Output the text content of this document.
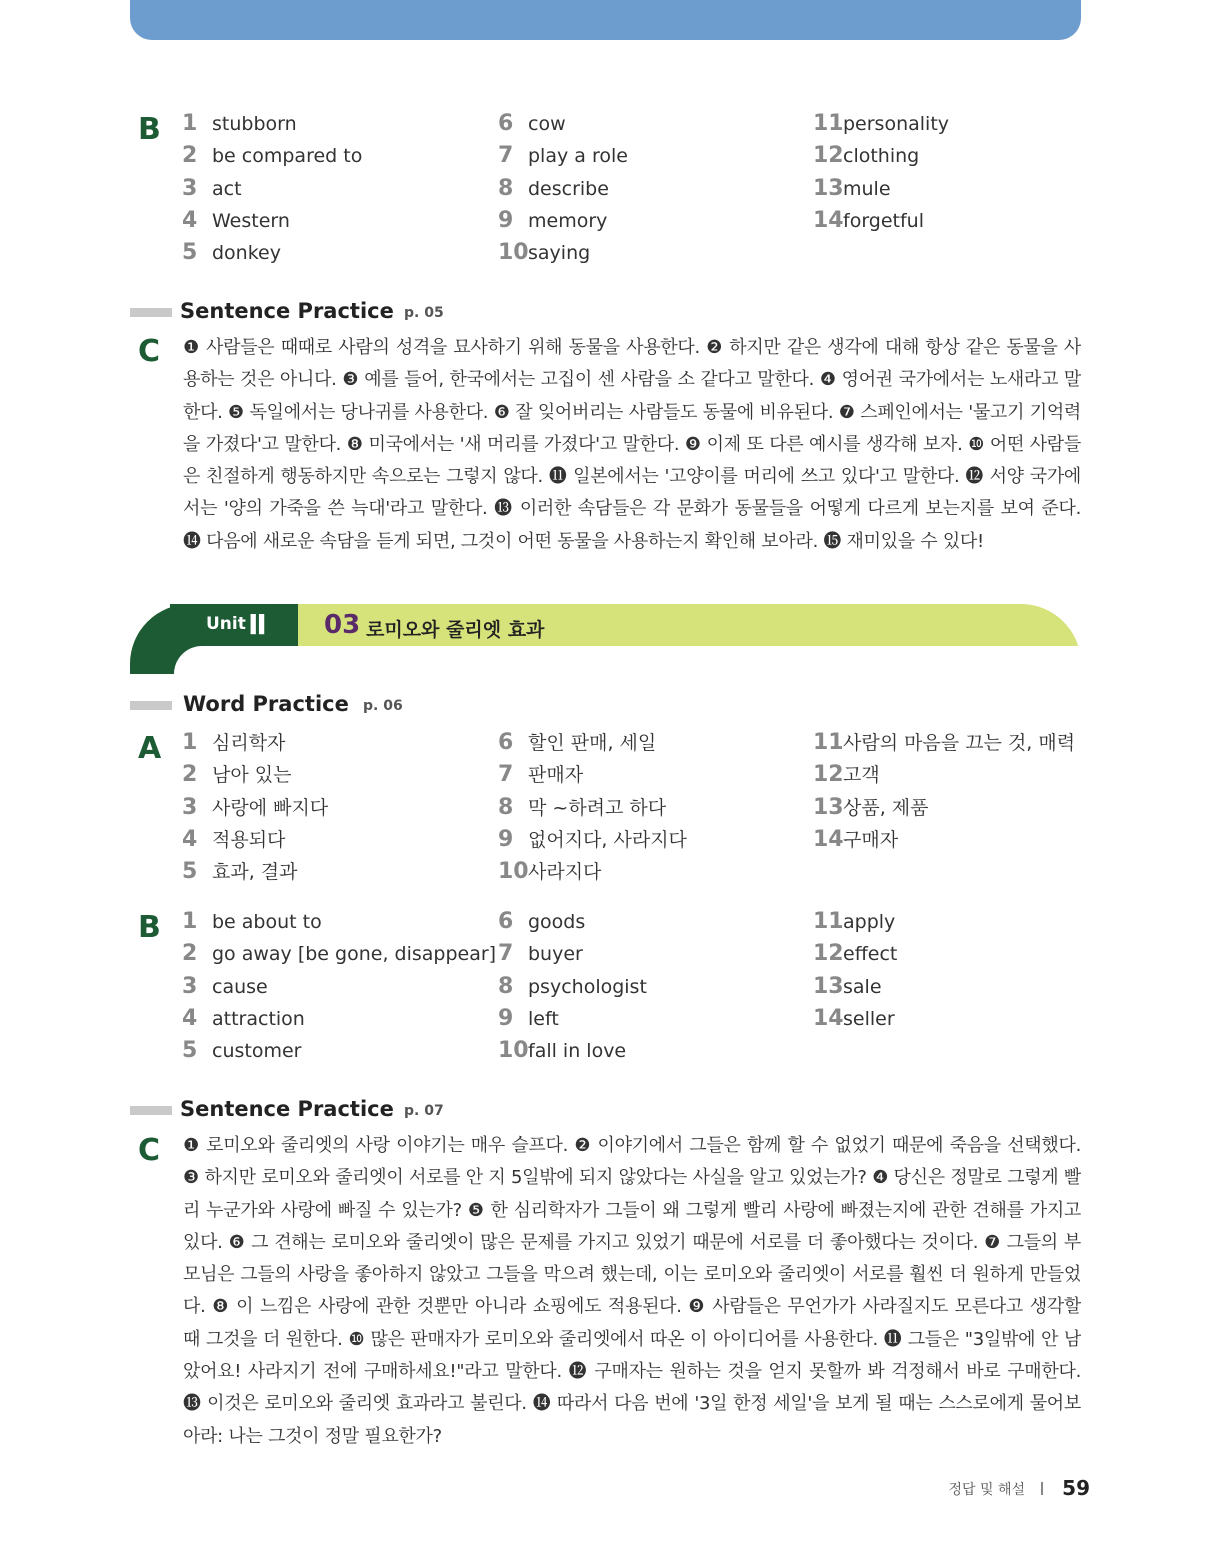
B 1 stubborn
2 be compared to
3 act
4 Western
5 donkey
6 cow
7 play a role
8 describe
9 memory
10saying
11personality
12clothing
13mule
14forgetful
Sentence Practice p. 05
C ❶ 사람들은 때때로 사람의 성격을 묘사하기 위해 동물을 사용한다. ❷ 하지만 같은 생각에 대해 항상 같은 동물을 사용하는 것은 아니다. ❸ 예를 들어, 한국에서는 고집이 센 사람을 소 같다고 말한다. ❹ 영어권 국가에서는 노새라고 말한다. ❺ 독일에서는 당나귀를 사용한다. ❻ 잘 잊어버리는 사람들도 동물에 비유된다. ❼ 스페인에서는 '물고기 기억력을 가졌다'고 말한다. ❽ 미국에서는 '새 머리를 가졌다'고 말한다. ❾ 이제 또 다른 예시를 생각해 보자. ❿ 어떤 사람들은 친절하게 행동하지만 속으로는 그렇지 않다. ⓫ 일본에서는 '고양이를 머리에 쓰고 있다'고 말한다. ⓬ 서양 국가에서는 '양의 가죽을 쓴 늑대'라고 말한다. ⓭ 이러한 속담들은 각 문화가 동물들을 어떻게 다르게 보는지를 보여 준다. ⓮ 다음에 새로운 속담을 듣게 되면, 그것이 어떤 동물을 사용하는지 확인해 보아라. ⓯ 재미있을 수 있다!
Unit II 03 로미오와 줄리엣 효과
Word Practice p. 06
A 1 심리학자
2 남아 있는
3 사랑에 빠지다
4 적용되다
5 효과, 결과
6 할인 판매, 세일
7 판매자
8 막 ~하려고 하다
9 없어지다, 사라지다
10사라지다
11사람의 마음을 끄는 것, 매력
12고객
13상품, 제품
14구매자
B 1 be about to
2 go away [be gone, disappear]
3 cause
4 attraction
5 customer
6 goods
7 buyer
8 psychologist
9 left
10fall in love
11apply
12effect
13sale
14seller
Sentence Practice p. 07
C ❶ 로미오와 줄리엣의 사랑 이야기는 매우 슬프다. ❷ 이야기에서 그들은 함께 할 수 없었기 때문에 죽음을 선택했다. ❸ 하지만 로미오와 줄리엣이 서로를 안 지 5일밖에 되지 않았다는 사실을 알고 있었는가? ❹ 당신은 정말로 그렇게 빨리 누군가와 사랑에 빠질 수 있는가? ❺ 한 심리학자가 그들이 왜 그렇게 빨리 사랑에 빠졌는지에 관한 견해를 가지고 있다. ❻ 그 견해는 로미오와 줄리엣이 많은 문제를 가지고 있었기 때문에 서로를 더 좋아했다는 것이다. ❼ 그들의 부모님은 그들의 사랑을 좋아하지 않았고 그들을 막으려 했는데, 이는 로미오와 줄리엣이 서로를 훨씬 더 원하게 만들었다. ❽ 이 느낌은 사랑에 관한 것뿐만 아니라 쇼핑에도 적용된다. ❾ 사람들은 무언가가 사라질지도 모른다고 생각할 때 그것을 더 원한다. ❿ 많은 판매자가 로미오와 줄리엣에서 따온 이 아이디어를 사용한다. ⓫ 그들은 "3일밖에 안 남았어요! 사라지기 전에 구매하세요!"라고 말한다. ⓬ 구매자는 원하는 것을 얻지 못할까 봐 걱정해서 바로 구매한다. ⓭ 이것은 로미오와 줄리엣 효과라고 불린다. ⓮ 따라서 다음 번에 '3일 한정 세일'을 보게 될 때는 스스로에게 물어보아라: 나는 그것이 정말 필요한가?
정답 및 해설 59
